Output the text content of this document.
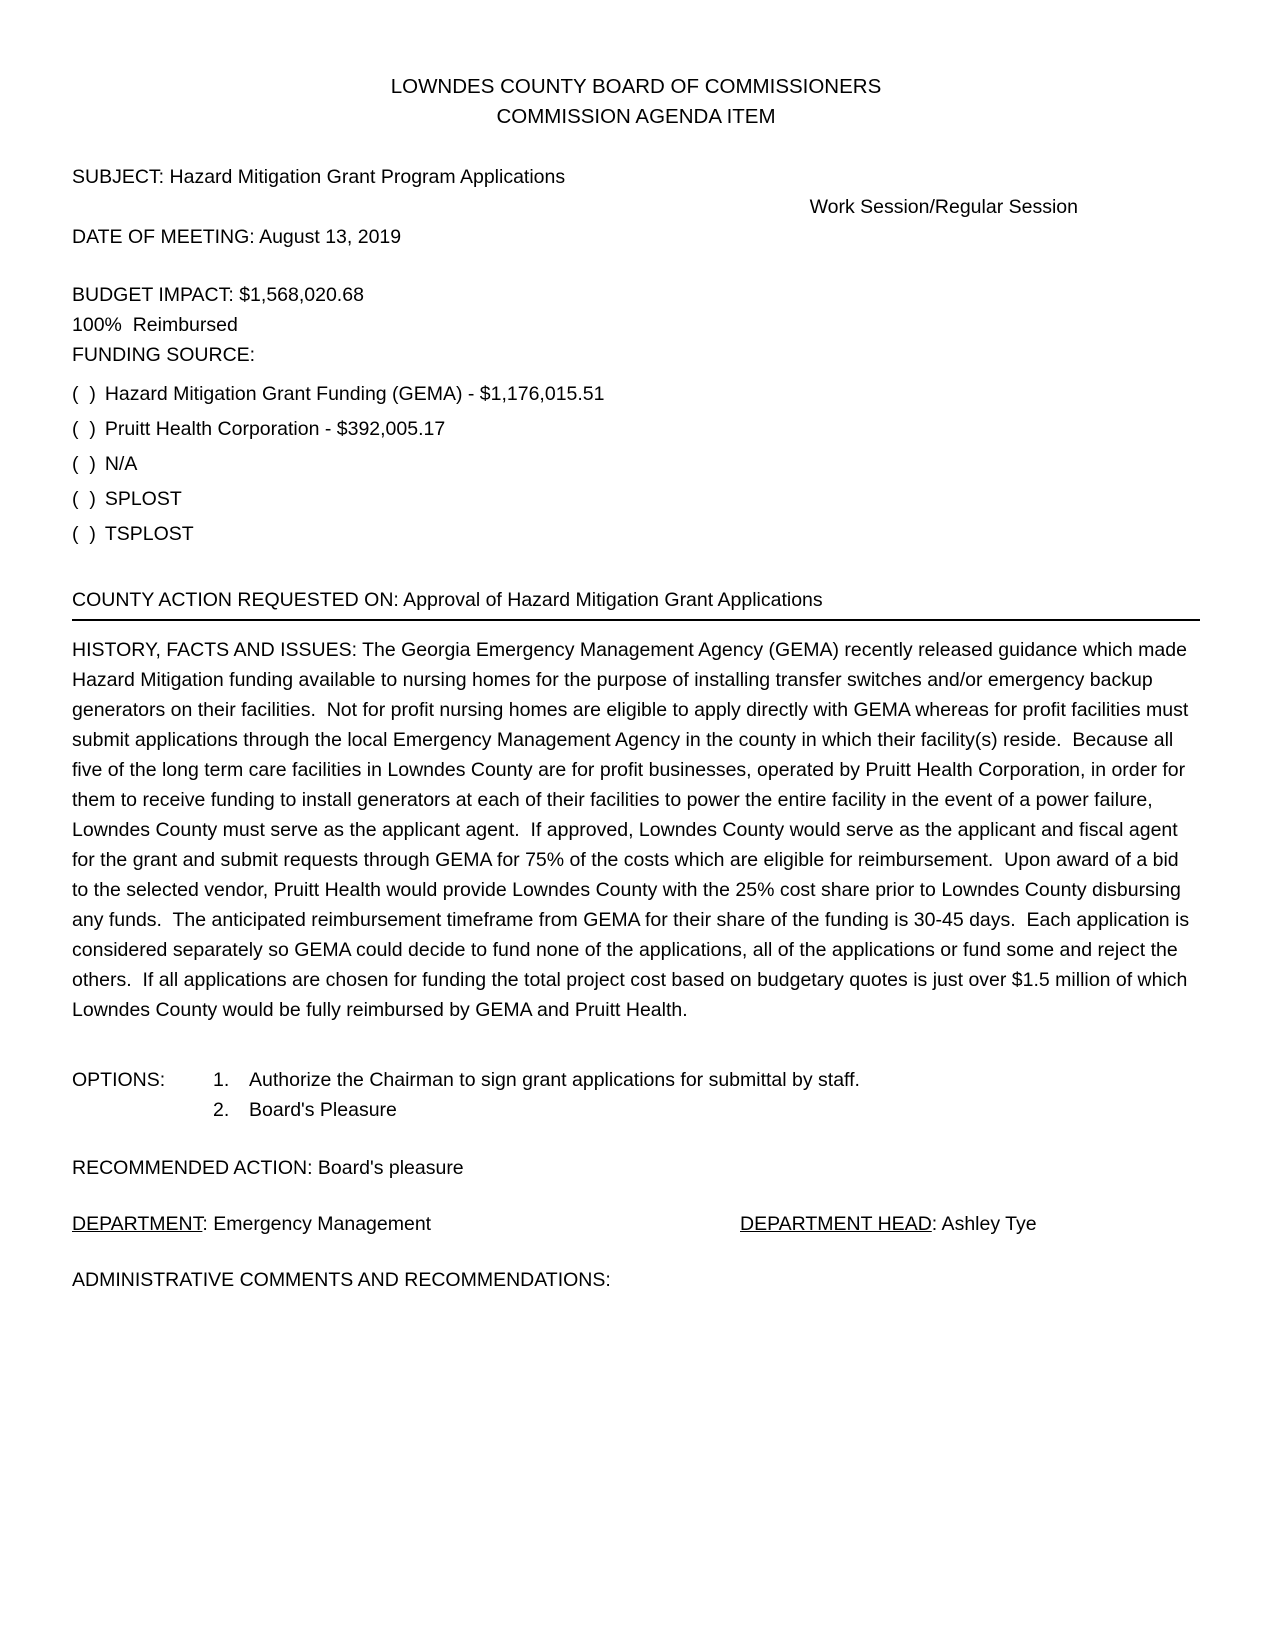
LOWNDES COUNTY BOARD OF COMMISSIONERS
COMMISSION AGENDA ITEM
SUBJECT: Hazard Mitigation Grant Program Applications
Work Session/Regular Session
DATE OF MEETING: August 13, 2019
BUDGET IMPACT: $1,568,020.68
100%  Reimbursed
FUNDING SOURCE:
(  ) Hazard Mitigation Grant Funding (GEMA) - $1,176,015.51
(  ) Pruitt Health Corporation - $392,005.17
(  ) N/A
(  ) SPLOST
(  ) TSPLOST
COUNTY ACTION REQUESTED ON: Approval of Hazard Mitigation Grant Applications

HISTORY, FACTS AND ISSUES: The Georgia Emergency Management Agency (GEMA) recently released guidance which made Hazard Mitigation funding available to nursing homes for the purpose of installing transfer switches and/or emergency backup generators on their facilities.  Not for profit nursing homes are eligible to apply directly with GEMA whereas for profit facilities must submit applications through the local Emergency Management Agency in the county in which their facility(s) reside.  Because all five of the long term care facilities in Lowndes County are for profit businesses, operated by Pruitt Health Corporation, in order for them to receive funding to install generators at each of their facilities to power the entire facility in the event of a power failure, Lowndes County must serve as the applicant agent.  If approved, Lowndes County would serve as the applicant and fiscal agent for the grant and submit requests through GEMA for 75% of the costs which are eligible for reimbursement.  Upon award of a bid to the selected vendor, Pruitt Health would provide Lowndes County with the 25% cost share prior to Lowndes County disbursing any funds.  The anticipated reimbursement timeframe from GEMA for their share of the funding is 30-45 days.  Each application is considered separately so GEMA could decide to fund none of the applications, all of the applications or fund some and reject the others.  If all applications are chosen for funding the total project cost based on budgetary quotes is just over $1.5 million of which Lowndes County would be fully reimbursed by GEMA and Pruitt Health.

OPTIONS:	1.	Authorize the Chairman to sign grant applications for submittal by staff.
2.	Board's Pleasure
RECOMMENDED ACTION: Board's pleasure
DEPARTMENT: Emergency Management	DEPARTMENT HEAD: Ashley Tye
ADMINISTRATIVE COMMENTS AND RECOMMENDATIONS:
